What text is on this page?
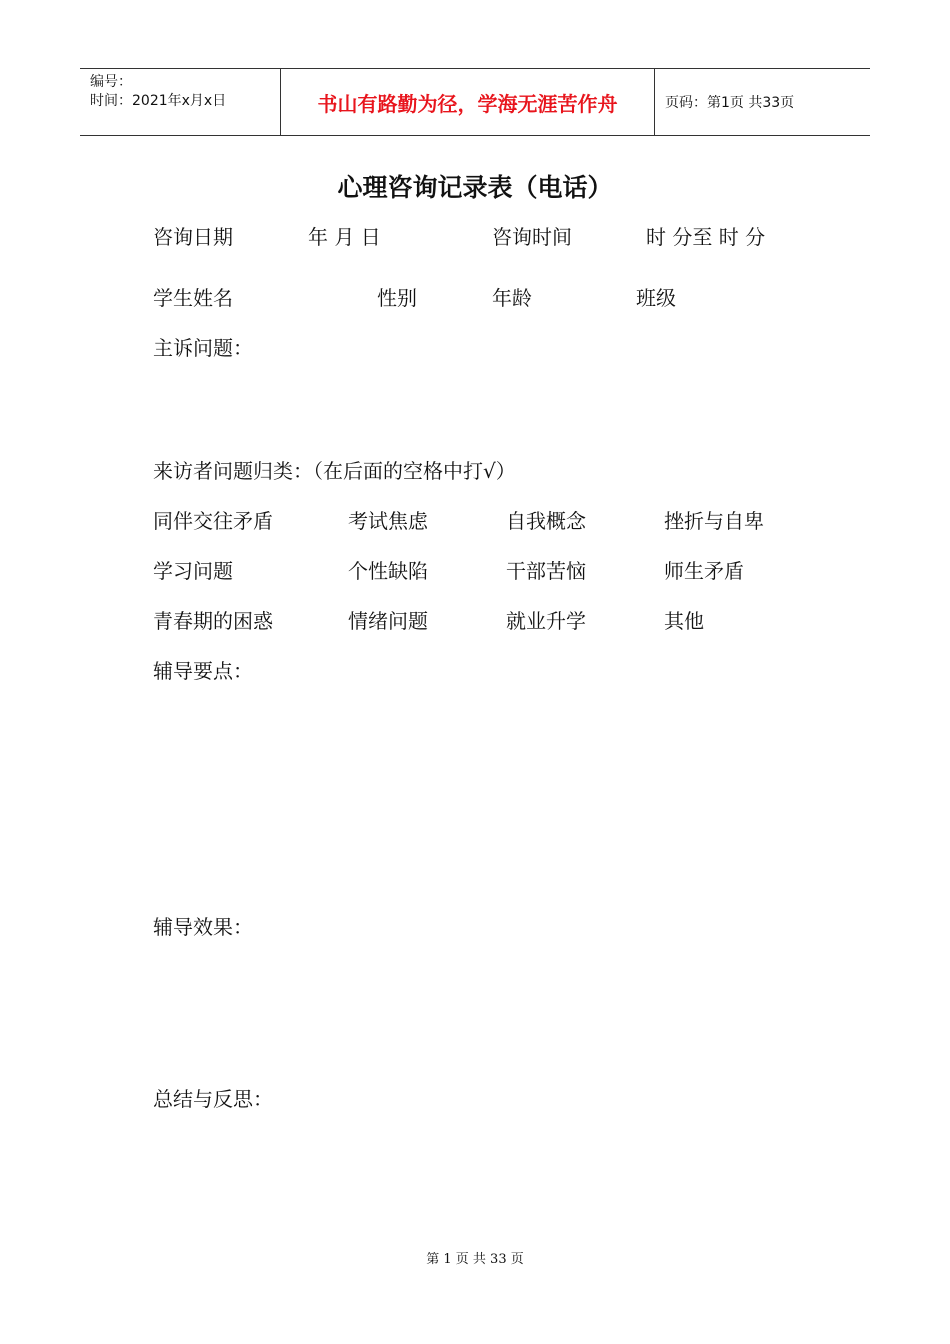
编号：
时间：2021年x月x日	书山有路勤为径，学海无涯苦作舟	页码：第1页 共33页
心理咨询记录表（电话）
咨询日期	年 月 日	咨询时间	时 分至 时 分
学生姓名	性别	年龄	班级
主诉问题：
来访者问题归类：（在后面的空格中打√）
同伴交往矛盾	考试焦虑	自我概念	挫折与自卑
学习问题	个性缺陷	干部苦恼	师生矛盾
青春期的困惑	情绪问题	就业升学	其他
辅导要点：
辅导效果：
总结与反思：
第 1 页 共 33 页
